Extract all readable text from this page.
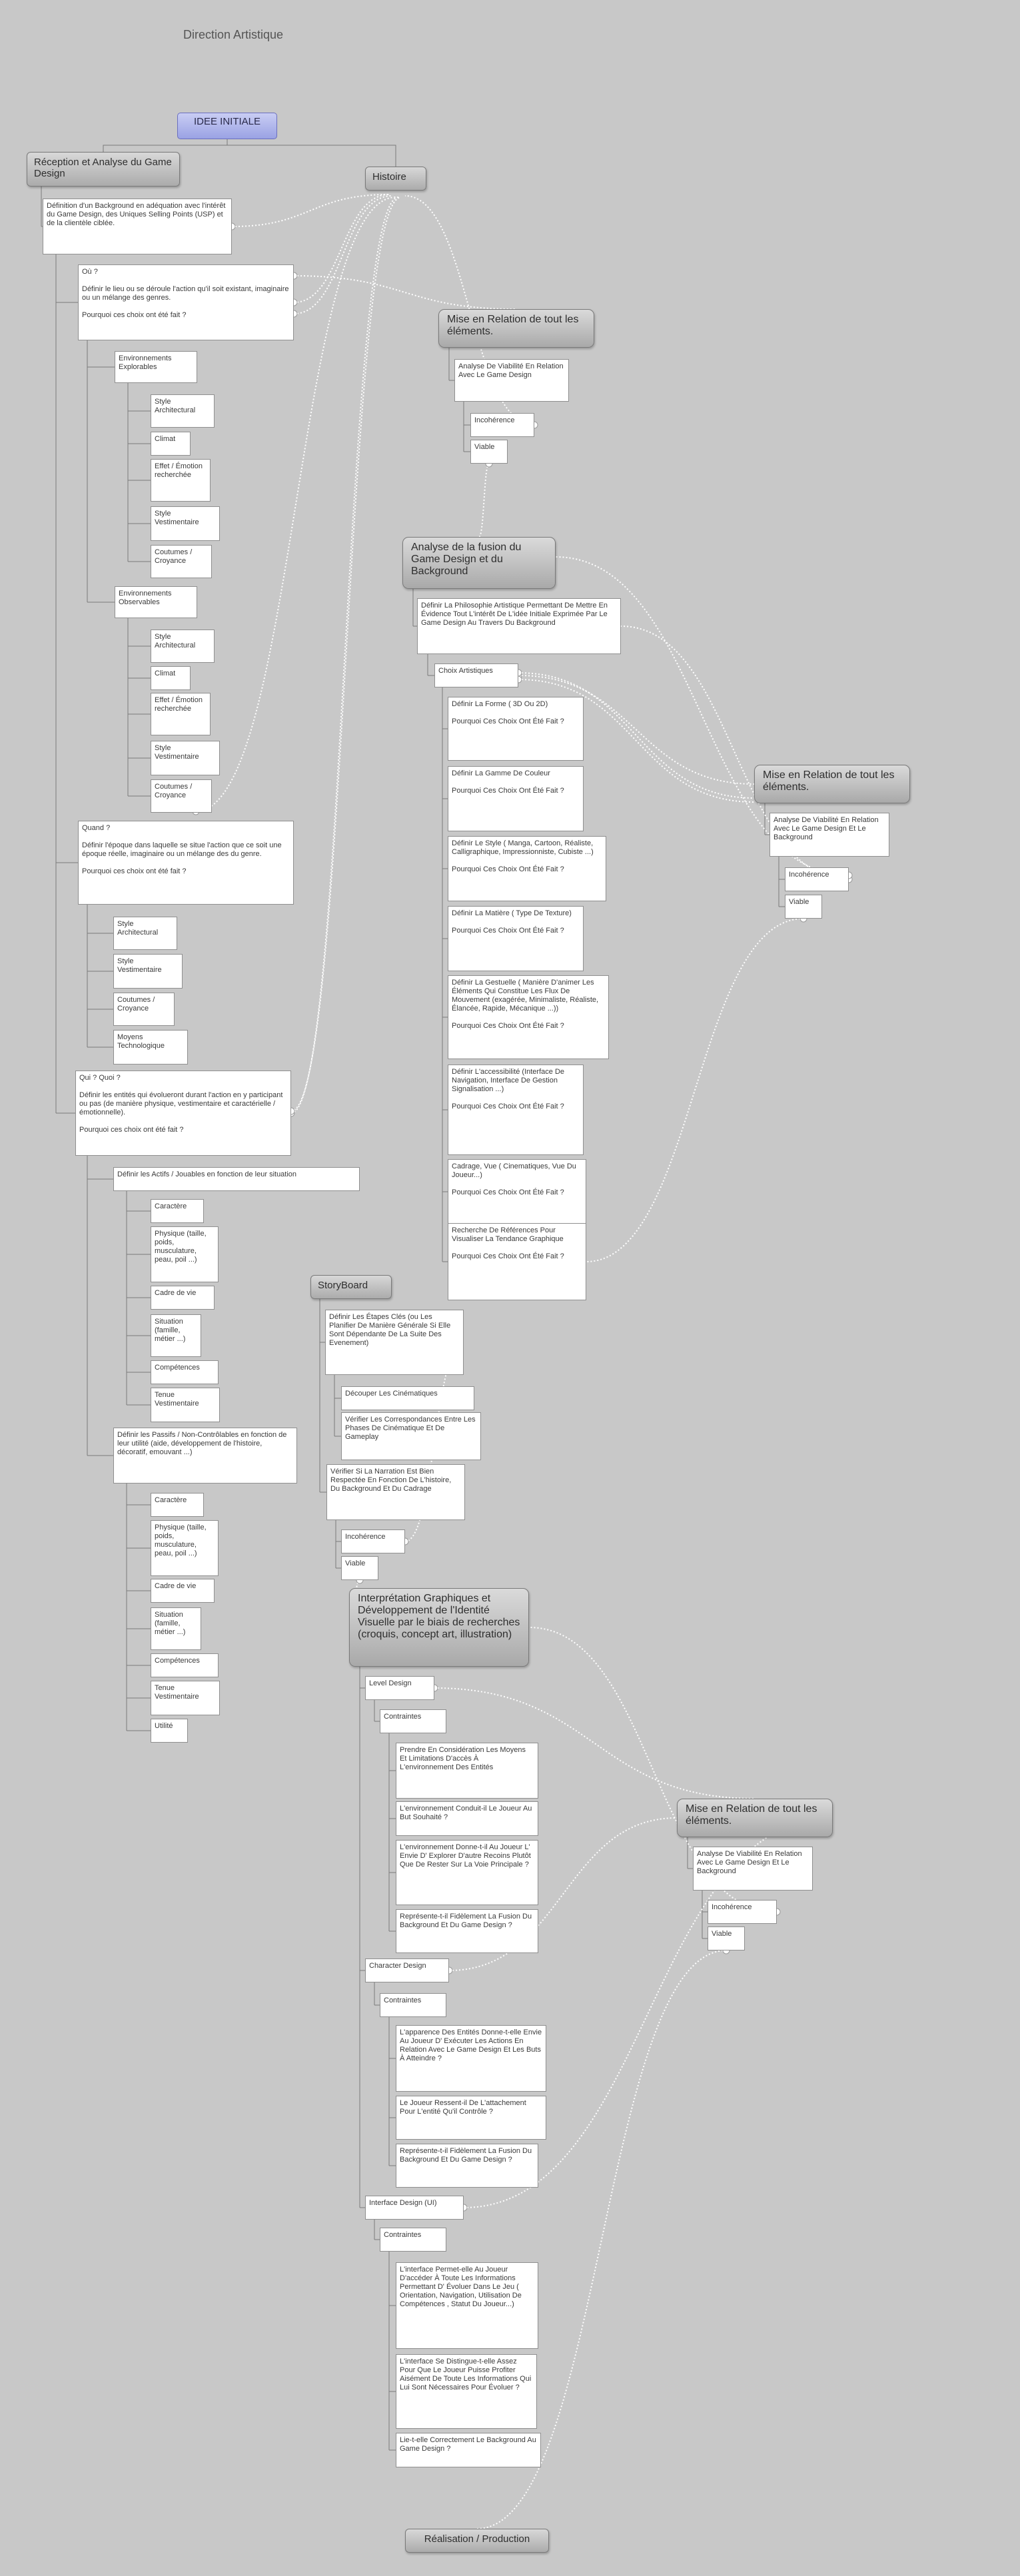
Direction Artistique
IDEE INITIALE
Réception et Analyse du Game Design	Histoire
Définition d'un Background en adéquation avec l'intérêt du Game Design, des Uniques Selling Points (USP) et de la clientèle ciblée.
Où ?

Définir le lieu ou se déroule l'action qu'il soit existant, imaginaire ou un mélange des genres.

Pourquoi ces choix ont été fait ?
Environnements Explorables
Style Architectural
Climat
Effet / Émotion recherchée
Style Vestimentaire
Coutumes / Croyance
Environnements Observables
Style Architectural
Climat
Effet / Émotion recherchée
Style Vestimentaire
Coutumes / Croyance
Quand ?

Définir l'époque dans laquelle se situe l'action que ce soit une époque réelle, imaginaire ou un mélange des du genre.

Pourquoi ces choix ont été fait ?
Style Architectural
Style Vestimentaire
Coutumes / Croyance
Moyens Technologique
Qui ? Quoi ?

Définir les entités qui évolueront durant l'action en y participant ou pas (de manière physique, vestimentaire et caractérielle / émotionnelle).

Pourquoi ces choix ont été fait ?
Définir les Actifs / Jouables en fonction de leur situation
Caractère
Physique (taille, poids, musculature, peau, poil ...)
Cadre de vie
Situation (famille, métier ...)
Compétences
Tenue Vestimentaire
Définir les Passifs / Non-Contrôlables en fonction de leur utilité (aide, développement de l'histoire, décoratif, emouvant ...)
Caractère
Physique (taille, poids, musculature, peau, poil ...)
Cadre de vie
Situation (famille, métier ...)
Compétences
Tenue Vestimentaire
Utilité
Mise en Relation de tout les éléments.
Analyse De Viabilité En Relation Avec Le Game Design
Incohérence
Viable
Analyse de la fusion du Game Design et du Background
Définir La Philosophie Artistique Permettant De Mettre En Évidence Tout L'intérêt De L'idée Initiale Exprimée Par Le Game Design Au Travers Du Background
Choix Artistiques
Définir La Forme ( 3D Ou 2D)

Pourquoi Ces Choix Ont Été Fait ?
Définir La Gamme De Couleur

Pourquoi Ces Choix Ont Été Fait ?
Définir Le Style ( Manga, Cartoon, Réaliste, Calligraphique, Impressionniste, Cubiste ...)

Pourquoi Ces Choix Ont Été Fait ?
Définir La Matière ( Type De Texture)

Pourquoi Ces Choix Ont Été Fait ?
Définir La Gestuelle ( Manière D'animer Les Éléments Qui Constitue Les Flux De Mouvement (exagérée, Minimaliste, Réaliste, Élancée, Rapide, Mécanique ...))

Pourquoi Ces Choix Ont Été Fait ?
Définir L'accessibilité (Interface De Navigation, Interface De Gestion Signalisation ...)

Pourquoi Ces Choix Ont Été Fait ?
Cadrage, Vue ( Cinematiques, Vue Du Joueur...)

Pourquoi Ces Choix Ont Été Fait ?
Recherche De Références Pour Visualiser La Tendance Graphique

Pourquoi Ces Choix Ont Été Fait ?
Mise en Relation de tout les éléments.
Analyse De Viabilité En Relation Avec Le Game Design Et Le Background
Incohérence
Viable
StoryBoard
Définir Les Étapes Clés (ou Les Planifier De Manière Générale Si Elle Sont Dépendante De La Suite Des Evenement)
Découper Les Cinématiques
Vérifier Les Correspondances Entre Les Phases De Cinématique Et De Gameplay
Vérifier Si La Narration Est Bien Respectée En Fonction De L'histoire, Du Background Et Du Cadrage
Incohérence
Viable
Interprétation Graphiques et Développement de l'Identité Visuelle par le biais de recherches (croquis, concept art, illustration)
Level Design
Contraintes
Prendre En Considération Les Moyens Et Limitations D'accès À L'environnement Des Entités
L'environnement Conduit-il Le Joueur Au But Souhaité ?
L'environnement Donne-t-il Au Joueur L' Envie D' Explorer D'autre Recoins Plutôt Que De Rester Sur La Voie Principale ?
Représente-t-il Fidèlement La Fusion Du Background Et Du Game Design ?
Character Design
Contraintes
L'apparence Des Entités Donne-t-elle Envie Au Joueur D' Exécuter Les Actions En Relation Avec Le Game Design Et Les Buts À Atteindre ?
Le Joueur Ressent-il De L'attachement Pour L'entité Qu'il Contrôle ?
Représente-t-il Fidèlement La Fusion Du Background Et Du Game Design ?
Interface Design (UI)
Contraintes
L'interface Permet-elle Au Joueur D'accéder À Toute Les Informations Permettant D' Évoluer Dans Le Jeu ( Orientation, Navigation, Utilisation De Compétences , Statut Du Joueur...)
L'interface Se Distingue-t-elle Assez Pour Que Le Joueur Puisse Profiter Aisément De Toute Les Informations Qui Lui Sont Nécessaires Pour Évoluer ?
Lie-t-elle Correctement Le Background Au Game Design ?
Mise en Relation de tout les éléments.
Analyse De Viabilité En Relation Avec Le Game Design Et Le Background
Incohérence
Viable
Réalisation / Production
